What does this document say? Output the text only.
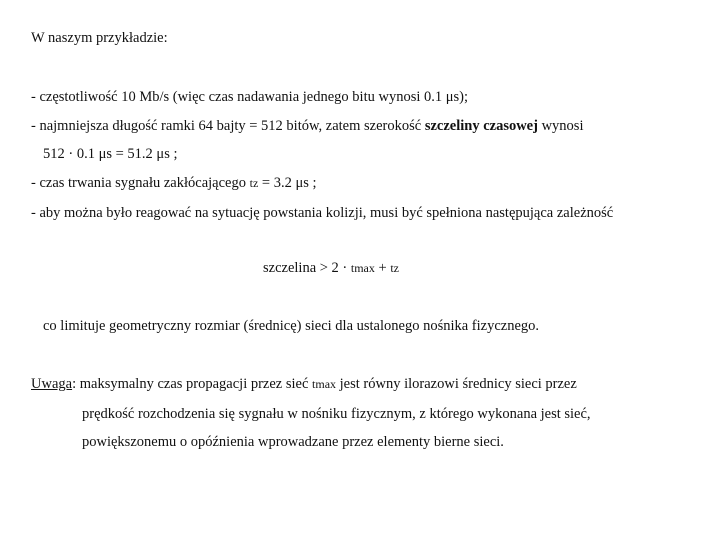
W naszym przykładzie:
- częstotliwość 10 Mb/s (więc czas nadawania jednego bitu wynosi 0.1 μs);
- najmniejsza długość ramki 64 bajty = 512 bitów, zatem szerokość szczeliny czasowej wynosi
512 · 0.1 μs = 51.2 μs ;
- czas trwania sygnału zakłócającego tz = 3.2 μs ;
- aby można było reagować na sytuację powstania kolizji, musi być spełniona następująca zależność
szczelina > 2 · tmax + tz
co limituje geometryczny rozmiar (średnicę) sieci dla ustalonego nośnika fizycznego.
Uwaga: maksymalny czas propagacji przez sieć tmax jest równy ilorazowi średnicy sieci przez
prędkość rozchodzenia się sygnału w nośniku fizycznym, z którego wykonana jest sieć,
powiększonemu o opóźnienia wprowadzane przez elementy bierne sieci.
